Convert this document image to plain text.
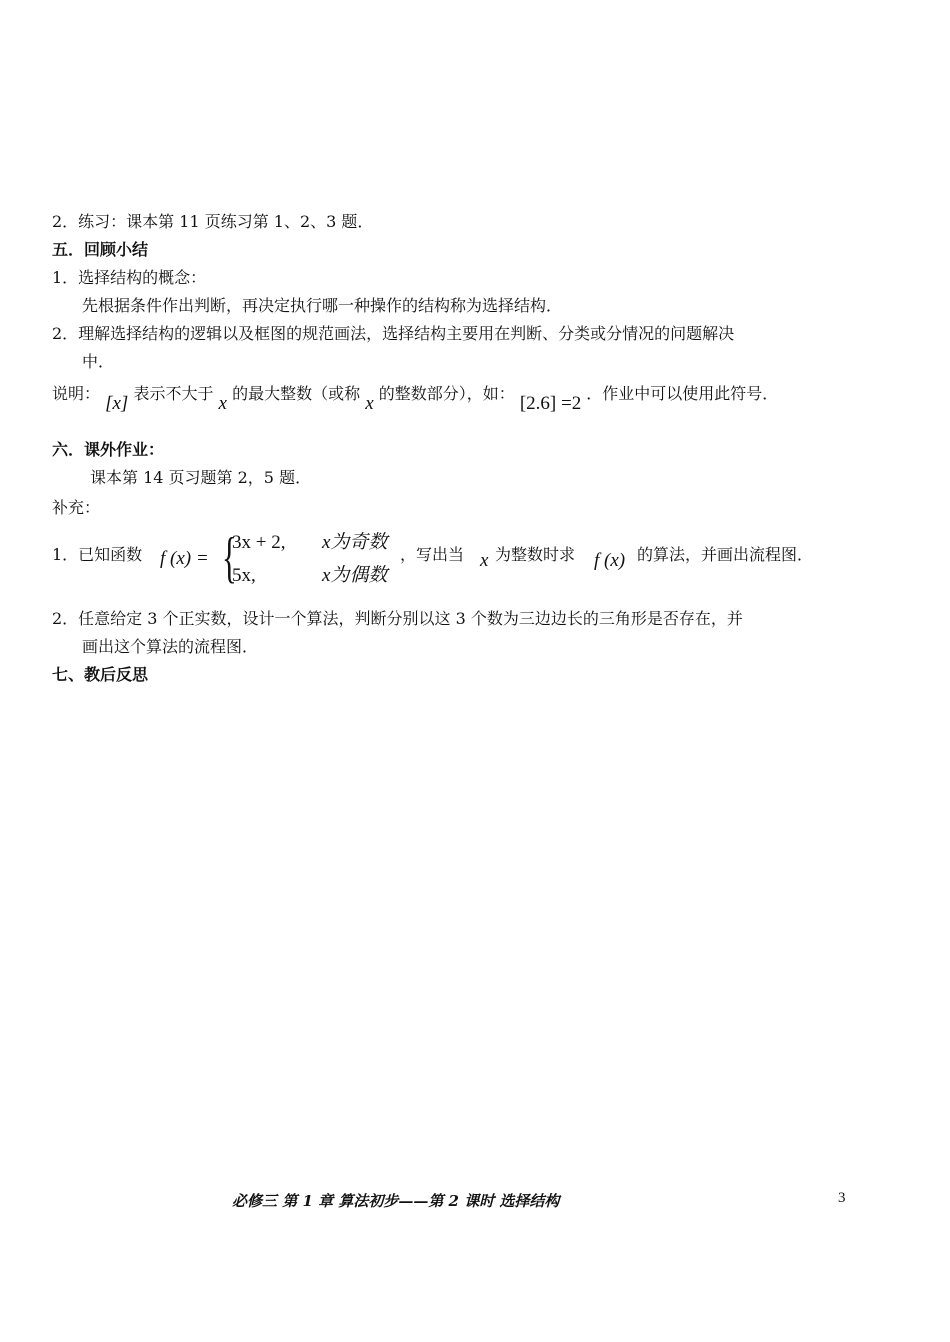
2．练习：课本第 11 页练习第 1、2、3 题．
五．回顾小结
1．选择结构的概念：
先根据条件作出判断，再决定执行哪一种操作的结构称为选择结构．
2．理解选择结构的逻辑以及框图的规范画法，选择结构主要用在判断、分类或分情况的问题解决
中．
说明： [x] 表示不大于 x 的最大整数（或称 x 的整数部分），如： [2.6] =2 ．作业中可以使用此符号．
六．课外作业：
课本第 14 页习题第 2，5 题．
补充：
1．已知函数 f (x) = {
3x + 2, x为奇数
5x,	x为偶数
，写出当 x 为整数时求 f (x) 的算法，并画出流程图．
2．任意给定 3 个正实数，设计一个算法，判断分别以这 3 个数为三边边长的三角形是否存在，并
画出这个算法的流程图．
七、教后反思
必修三 第 1 章 算法初步——第 2 课时 选择结构	3
